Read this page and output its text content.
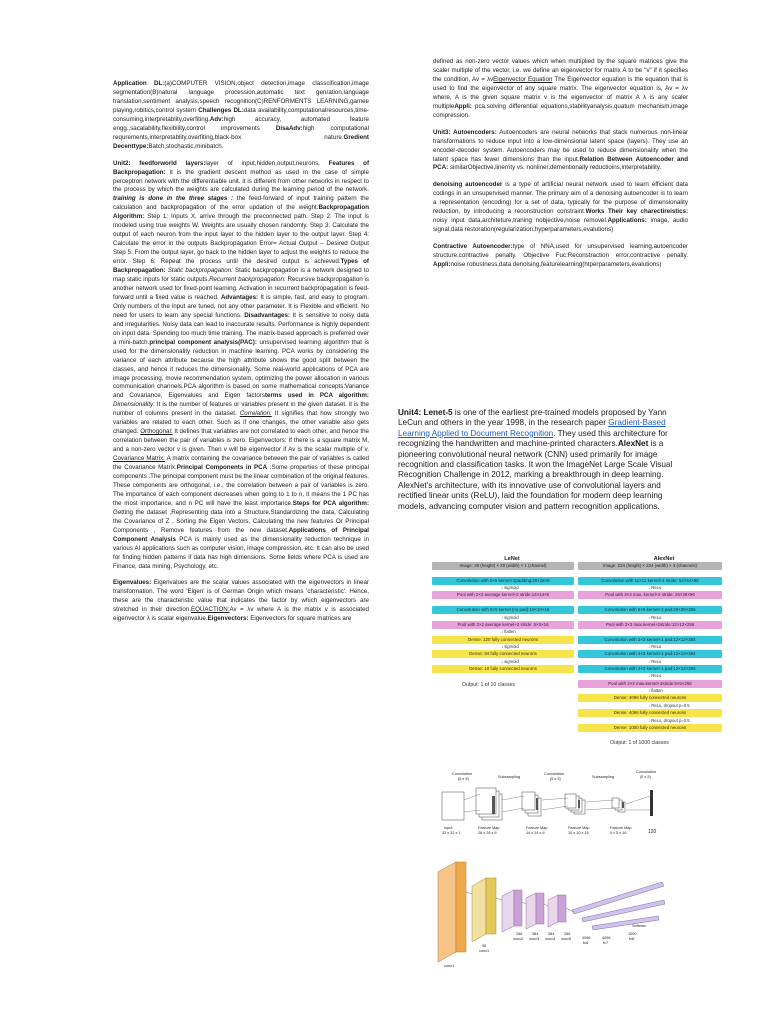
Application DL:(a)COMPUTER VISION,object detection,image classcification,image segmentation(B)natural language procession,automatic text genration,language translation,sentiment analysis,speech recognition(C)RENFORMENTS LEARNING,gamee playing,robitics,control system Challenges DL:data availability,computationalresources,time-consuming,interpretablity,overfiting.Adv:high accuracy, automated feature engg.,sacalability,flexibility,control improvements DisaAdv:high computational requrements,interpretablity,overfiting,black-box nature.Gredient Decenttype:Batch,stochastic,minibatch.

Unit2: feedforworld layers:layer of input,hidden,output,neurons. Features of Backpropagation: it is the gradient descent method as used in the case of simple perceptron network with the differentiable unit. it is different from other networks in respect to the process by which the weights are calculated during the learning period of the network. training is done in the three stages : the feed-forward of input training pattern the calculation and backpropagation of the error updation of the weight.Backpropagation Algorithm: Step 1: Inputs X, arrive through the preconnected path. Step 2: The input is modeled using true weights W. Weights are usually chosen randomly. Step 3: Calculate the output of each neuron from the input layer to the hidden layer to the output layer. Step 4: Calculate the error in the outputs Backpropagation Error= Actual Output – Desired Output Step 5: From the output layer, go back to the hidden layer to adjust the weights to reduce the error. Step 6: Repeat the process until the desired output is achieved.Types of Backpropagation: Static backpropagation: Static backpropagation is a network designed to map static inputs for static outputs.Recurrent backpropagation: Recursive backpropagation is another network used for fixed-point learning. Activation in recurrent backpropagation is feed-forward until a fixed value is reached. Advantages: It is simple, fast, and easy to program. Only numbers of the input are tuned, not any other parameter. It is Flexible and efficient. No need for users to learn any special functions. Disadvantages: It is sensitive to noisy data and irregularities. Noisy data can lead to inaccurate results. Performance is highly dependent on input data. Spending too much time training. The matrix-based approach is preferred over a mini-batch.principal component analysis(PAC): unsupervised learning algorithm that is used for the dimensionality reduction in machine learning. PCA works by considering the variance of each attribute because the high attribute shows the good split between the classes, and hence it reduces the dimensionality. Some real-world applications of PCA are image processing, movie recommendation system, optimizing the power allocation in various communication channels.PCA algorithm is based on some mathematical concepts:Variance and Covariance, Eigenvalues and Eigen factorsterms used in PCA algorithm: Dimensionality: It is the number of features or variables present in the given dataset. it is the number of columns present in the dataset. Correlation: It signifies that how strongly two variables are related to each other. Such as if one changes, the other variable also gets changed. Orthogonal: It defines that variables are not correlated to each other, and hence the correlation between the pair of variables is zero. Eigenvectors: If there is a square matrix M, and a non-zero vector v is given. Then v will be eigenvector if Av is the scalar multiple of v. Covariance Matrix: A matrix containing the covariance between the pair of variables is called the Covariance Matrix.Principal Components in PCA :Some properties of these principal components :The principal component must be the linear combination of the original features. These components are orthogonal, i.e., the correlation between a pair of variables is zero. The importance of each component decreases when going to 1 to n, it means the 1 PC has the most importance, and n PC will have the least importance.Steps for PCA algorithm: Getting the dataset ,Representing data into a Structure,Standardizing the data, Calculating the Covariance of Z , Sorting the Eigen Vectors, Calculating the new features Or Principal Components , Remove features from the new dataset.Applications of Principal Component Analysis PCA is mainly used as the dimensionality reduction technique in various AI applications such as computer vision, image compression, etc. It can also be used for finding hidden patterns if data has high dimensions. Some fields where PCA is used are Finance, data mining, Psychology, etc.

Eigenvalues: Eigenvalues are the scalar values associated with the eigenvectors in linear transformation. The word 'Eigen' is of German Origin which means 'characteristic'. Hence, these are the characteristic value that indicates the factor by which eigenvectors are stretched in their direction.EQUACTION:Av = λv where A is the matrix v is associated eigenvector λ is scalar eigenvalue.Eigenvectors: Eigenvectors for square matrices are

defined as non-zero vector values which when multiplied by the square matrices give the scaler multiple of the vector, i.e. we define an eigenvector for matrix A to be "v" if it specifies the condition, Av = λvEigenvector Equation The Eigenvector equation is the equation that is used to find the eigenvector of any square matrix. The eigenvector equation is, Av = λv where, A is the given square matrix v is the eigenvector of matrix A λ is any scaler multipleAppli: pca,solving differential equations,stabilityanalysis,quatum mechanism,image compression.

Unit3: Autoencoders: Autoencoders are neural networks that stack numerous non-linear transformations to reduce input into a low-dimensional latent space (layers). They use an encoder-decoder system. Autoencoders may be used to reduce dimensionality when the latent space has fewer dimensions than the input.Relation Between Autoencoder and PCA: similarObjective,linerrity vs. nonliner,dementionally reductioins,interpretability.

denoising autoencoder is a type of artificial neural network used to learn efficient data codings in an unsupervised manner. The primary aim of a denoising autoencoder is to learn a representation (encoding) for a set of data, typically for the purpose of dimensionality reduction, by introducing a reconstruction constraint.Works Their key charectireistics: noisy input data,architeture,traning nobjective,noise removel.Applications: image, audio signal,data restoration(regularization,hyperparameters,evalutions)

Contractive Autoencoder:type of NNA,used for unsupervised learning,autoencoder structure,contractive penalty. Objective Fuc:Reconstraction error,contractive penalty. Appli:noise robustness,data denoising,featurelearning(htperparameters,evalutions)

Unit4: Lenet-5 is one of the earliest pre-trained models proposed by Yann LeCun and others in the year 1998, in the research paper Gradient-Based Learning Applied to Document Recognition. They used this architecture for recognizing the handwritten and machine-printed characters.AlexNet is a pioneering convolutional neural network (CNN) used primarily for image recognition and classification tasks. It won the ImageNet Large Scale Visual Recognition Challenge in 2012, marking a breakthrough in deep learning. AlexNet's architecture, with its innovative use of convolutional layers and rectified linear units (ReLU), laid the foundation for modern deep learning models, advancing computer vision and pattern recognition applications.

LeNet	AlexNet
Image: 28 (height) × 28 (width) × 1 (channel)
Convolution with 5×5 kernel+2padding:28×28×6
↓ sigmoid
Pool with 2×2 average kernel+2 stride:14×14×6
Convolution with 5×5 kernel (no pad):10×10×16
↓ sigmoid
Pool with 2×2 average kernel+2 stride: 5×5×16
↓ flatten
Dense: 120 fully connected neurons
↓ sigmoid
Dense: 84 fully connected neurons
↓ sigmoid
Dense: 10 fully connected neurons
Image: 224 (height) × 224 (width) × 3 (channels)
Convolution with 11×11 kernel+4 stride: 54×54×96
↓ ReLu
Pool with 3×3 max. kernel+2 stride: 26×26×96
Convolution with 5×5 kernel+2 pad:26×26×256
↓ ReLu
Pool with 3×3 max.kernel+2stride:12×12×256
Convolution with 3×3 kernel+1 pad:12×12×384
↓ ReLu
Convolution with 3×3 kernel+1 pad:12×12×384
↓ ReLu
Convolution with 3×3 kernel+1 pad:12×12×256
↓ ReLu
Pool with 3×3 max.kernel+2stride:5×5×256
↓ flatten
Dense: 4096 fully connected neurons
↓ ReLu, dropout p=0.5
Dense: 4096 fully connected neurons
↓ ReLu, dropout p=0.5
Dense: 1000 fully connected neurons
Output: 1 of 10 classes
Output: 1 of 1000 classes
Convolution
(5 x 5)	Subsampling
Convolution
(5 x 5)	Subsampling
Convolution
(5 x 5)
Input
32 x 32 x 1
Feature Map
28 x 28 x 6
Feature Map
14 x 14 x 6
Feature Map
10 x 10 x 16
Feature Map
5 x 5 x 16	120
conv1
96
conv1
256
conv2
384
conv3
384
conv4
256
conv5	4096
fc6
4096
fc7
1000
fc8
Softmax
